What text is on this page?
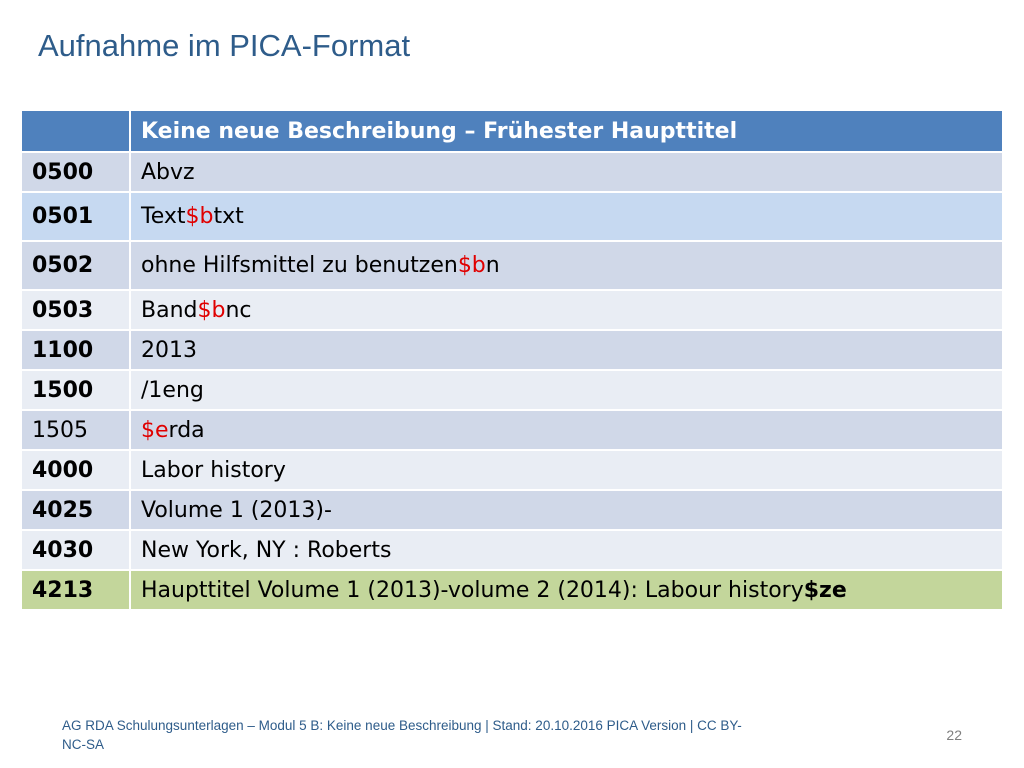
Aufnahme im PICA-Format
	Keine neue Beschreibung – Frühester Haupttitel
0500	Abvz
0501	Text$btxt
0502	ohne Hilfsmittel zu benutzen$bn
0503	Band$bnc
1100	2013
1500	/1eng
1505	$erda
4000	Labor history
4025	Volume 1 (2013)-
4030	New York, NY : Roberts
4213	Haupttitel Volume 1 (2013)-volume 2 (2014): Labour history$ze
AG RDA Schulungsunterlagen – Modul 5 B: Keine neue Beschreibung | Stand: 20.10.2016 PICA Version | CC BY-NC-SA
22
